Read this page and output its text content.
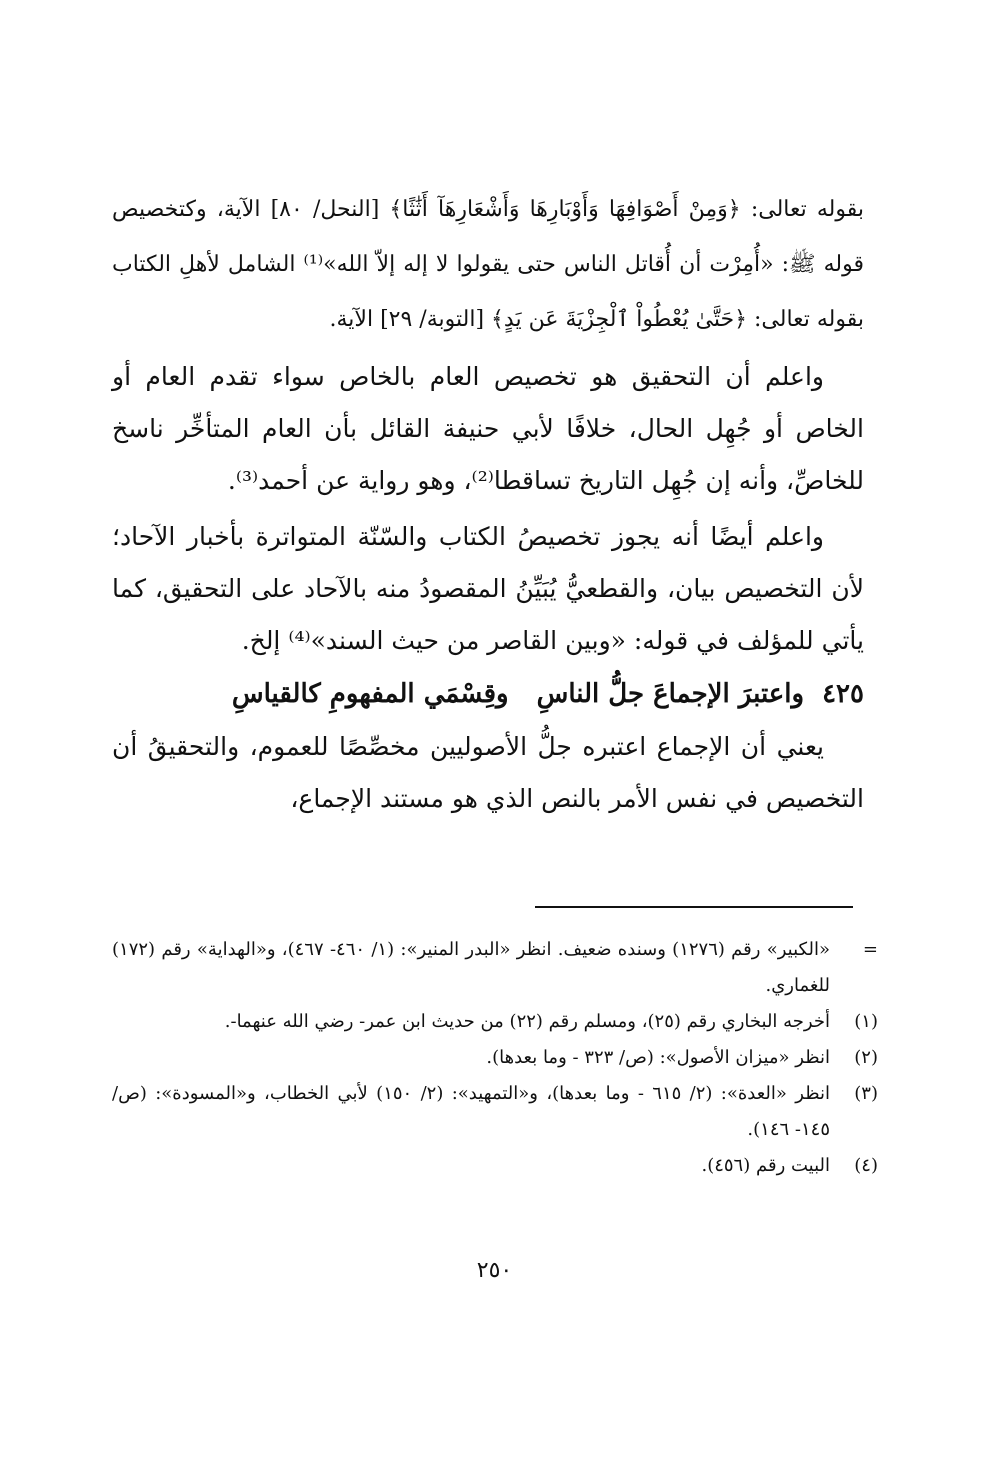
بقوله تعالى: ﴿وَمِنْ أَصْوَافِهَا وَأَوْبَارِهَا وَأَشْعَارِهَآ أَثَٰثًا﴾ [النحل/ ٨٠] الآية، وكتخصيص قوله ﷺ: «أُمِرْت أن أُقاتل الناس حتى يقولوا لا إله إلاّ الله»⁽¹⁾ الشامل لأهلِ الكتاب بقوله تعالى: ﴿حَتَّىٰ يُعْطُواْ ٱلْجِزْيَةَ عَن يَدٍ﴾ [التوبة/ ٢٩] الآية.

واعلم أن التحقيق هو تخصيص العام بالخاص سواء تقدم العام أو الخاص أو جُهِل الحال، خلافًا لأبي حنيفة القائل بأن العام المتأخِّر ناسخ للخاصِّ، وأنه إن جُهِل التاريخ تساقطا⁽²⁾، وهو رواية عن أحمد⁽³⁾.

واعلم أيضًا أنه يجوز تخصيصُ الكتاب والسّنّة المتواترة بأخبار الآحاد؛ لأن التخصيص بيان، والقطعيُّ يُبَيِّنُ المقصودُ منه بالآحاد على التحقيق، كما يأتي للمؤلف في قوله: «وبين القاصر من حيث السند»⁽⁴⁾ إلخ.

٤٢٥
واعتبرَ الإجماعَ جلُّ الناسِ
وقِسْمَي المفهومِ كالقياسِ

يعني أن الإجماع اعتبره جلُّ الأصوليين مخصِّصًا للعموم، والتحقيقُ أن التخصيص في نفس الأمر بالنص الذي هو مستند الإجماع،

=
«الكبير» رقم (١٢٧٦) وسنده ضعيف. انظر «البدر المنير»: (١/ ٤٦٠- ٤٦٧)، و«الهداية» رقم (١٧٢) للغماري.
(١)
أخرجه البخاري رقم (٢٥)، ومسلم رقم (٢٢) من حديث ابن عمر- رضي الله عنهما-.
(٢)
انظر «ميزان الأصول»: (ص/ ٣٢٣ - وما بعدها).
(٣)
انظر «العدة»: (٢/ ٦١٥ - وما بعدها)، و«التمهيد»: (٢/ ١٥٠) لأبي الخطاب، و«المسودة»: (ص/ ١٤٥- ١٤٦).
(٤)
البيت رقم (٤٥٦).
٢٥٠
